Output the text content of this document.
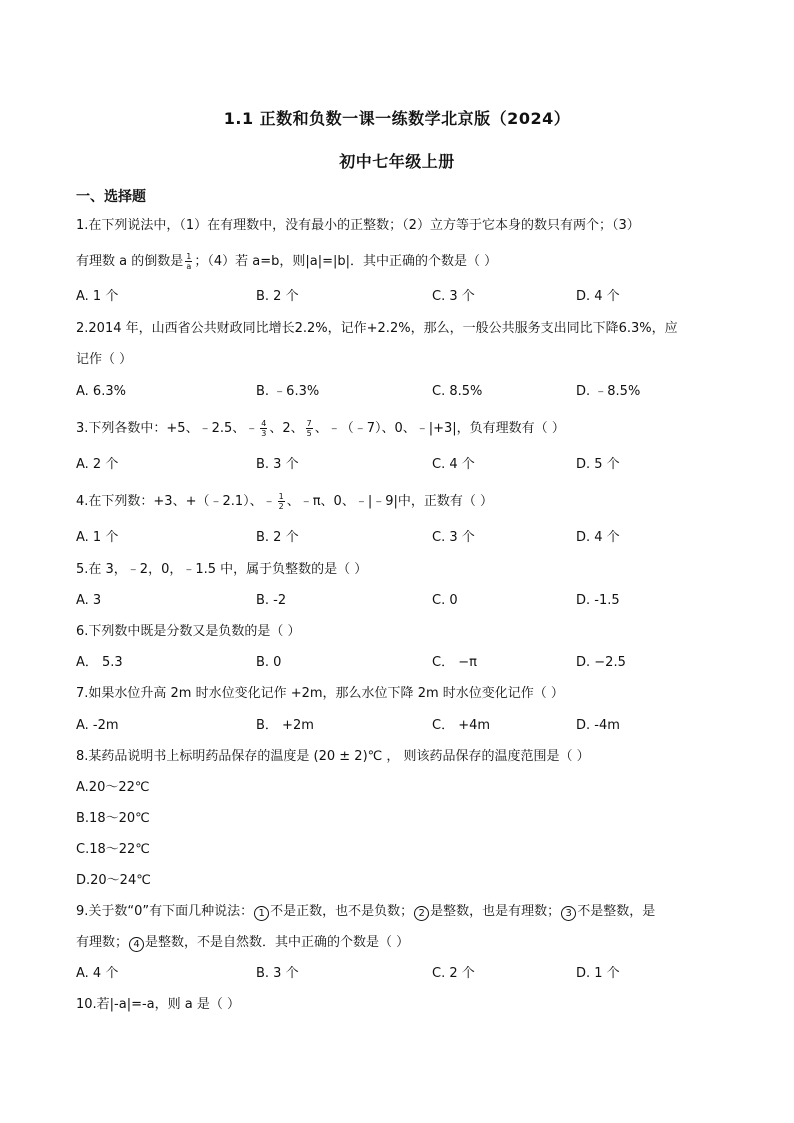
1.1 正数和负数一课一练数学北京版（2024）
初中七年级上册
一、选择题
1.在下列说法中，（1）在有理数中，没有最小的正整数；（2）立方等于它本身的数只有两个；（3）
有理数 a 的倒数是 $\frac{1}{a}$ ；（4）若 a=b，则|a|=|b|．其中正确的个数是（ ）
A. 1 个	B. 2 个	C. 3 个	D. 4 个
2.2014 年，山西省公共财政同比增长2.2%，记作+2.2%，那么，一般公共服务支出同比下降6.3%，应
记作（ ）
A. 6.3%	B. ﹣6.3%	C. 8.5%	D. ﹣8.5%
3.下列各数中：+5、﹣2.5、﹣ $\frac{4}{3}$ 、2、 $\frac{7}{5}$ 、﹣（﹣7）、0、﹣|+3|，负有理数有（ ）
A. 2 个	B. 3 个	C. 4 个	D. 5 个
4.在下列数：+3、+（﹣2.1）、﹣ $\frac{1}{2}$ 、﹣π、0、﹣|﹣9|中，正数有（ ）
A. 1 个	B. 2 个	C. 3 个	D. 4 个
5.在 3，﹣2，0，﹣1.5 中，属于负整数的是（ ）
A. 3	B. -2	C. 0	D. -1.5
6.下列数中既是分数又是负数的是（ ）
A． 5.3	B. 0	C． −π	D. −2.5
7.如果水位升高 2m 时水位变化记作 +2m，那么水位下降 2m 时水位变化记作（ ）
A. -2m	B． +2m	C． +4m	D. -4m
8.某药品说明书上标明药品保存的温度是 (20 ± 2)℃ ， 则该药品保存的温度范围是（ ）
A.20～22℃
B.18～20℃
C.18～22℃
D.20～24℃
9.关于数“0”有下面几种说法： 1 不是正数，也不是负数； 2 是整数，也是有理数； 3 不是整数，是
有理数； 4 是整数，不是自然数．其中正确的个数是（ ）
A. 4 个	B. 3 个	C. 2 个	D. 1 个
10.若|-a|=-a，则 a 是（ ）
